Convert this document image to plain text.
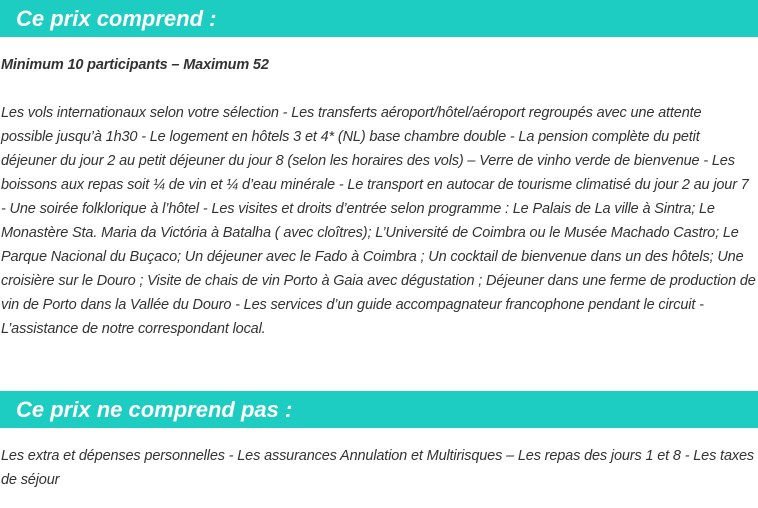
Ce prix comprend :

Minimum 10 participants – Maximum 52

Les vols internationaux selon votre sélection - Les transferts aéroport/hôtel/aéroport regroupés avec une attente possible jusqu’à 1h30 - Le logement en hôtels 3 et 4* (NL) base chambre double - La pension complète du petit déjeuner du jour 2 au petit déjeuner du jour 8 (selon les horaires des vols) – Verre de vinho verde de bienvenue - Les boissons aux repas soit ¼ de vin et ¼ d’eau minérale - Le transport en autocar de tourisme climatisé du jour 2 au jour 7 - Une soirée folklorique à l’hôtel - Les visites et droits d’entrée selon programme : Le Palais de La ville à Sintra; Le Monastère Sta. Maria da Victória à Batalha ( avec cloîtres); L’Université de Coimbra ou le Musée Machado Castro; Le Parque Nacional du Buçaco; Un déjeuner avec le Fado à Coimbra ; Un cocktail de bienvenue dans un des hôtels; Une croisière sur le Douro ; Visite de chais de vin Porto à Gaia avec dégustation ; Déjeuner dans une ferme de production de vin de Porto dans la Vallée du Douro - Les services d’un guide accompagnateur francophone pendant le circuit - L’assistance de notre correspondant local.

Ce prix ne comprend pas :

Les extra et dépenses personnelles - Les assurances Annulation et Multirisques – Les repas des jours 1 et 8 - Les taxes de séjour
